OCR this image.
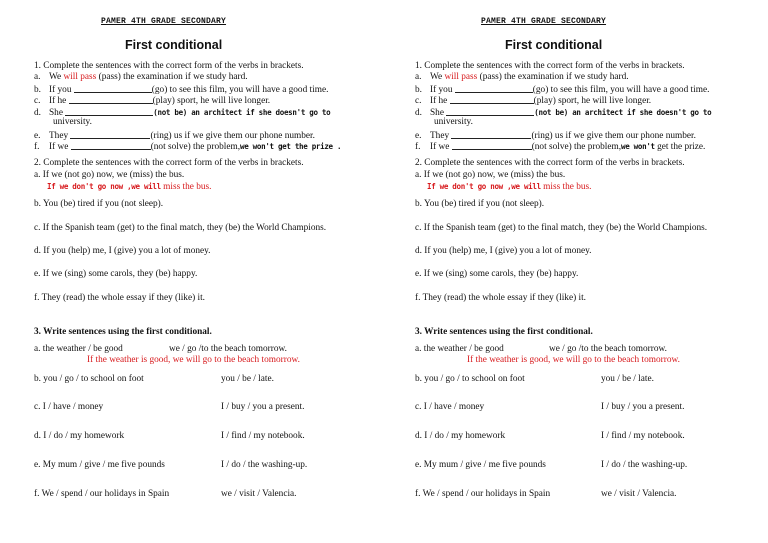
PAMER 4TH GRADE SECONDARY
First conditional
1. Complete the sentences with the correct form of the verbs in brackets.
a. We will pass (pass) the examination if we study hard.
b. If you	(go) to see this film, you will have a good time.
c. If he	(play) sport, he will live longer.
d. She	(not be) an architect if she doesn't go to
university.
e. They	(ring) us if we give them our phone number.
f. If we	(not solve) the problem,we won't get the prize .
2. Complete the sentences with the correct form of the verbs in brackets.
a. If we (not go) now, we (miss) the bus.
If we don't go now ,we will miss the bus.
b. You (be) tired if you (not sleep).
c. If the Spanish team (get) to the final match, they (be) the World Champions.
d. If you (help) me, I (give) you a lot of money.
e. If we (sing) some carols, they (be) happy.
f. They (read) the whole essay if they (like) it.
3. Write sentences using the first conditional.
a. the weather / be good	we / go /to the beach tomorrow.
If the weather is good, we will go to the beach tomorrow.
b. you / go / to school on foot	you / be / late.
c. I / have / money	I / buy / you a present.
d. I / do / my homework	I / find / my notebook.
e. My mum / give / me five pounds	I / do / the washing-up.
f. We / spend / our holidays in Spain	we / visit / Valencia.
PAMER 4TH GRADE SECONDARY
First conditional
1. Complete the sentences with the correct form of the verbs in brackets.
a. We will pass (pass) the examination if we study hard.
b. If you	(go) to see this film, you will have a good time.
c. If he	(play) sport, he will live longer.
d. She	(not be) an architect if she doesn't go to
university.
e. They	(ring) us if we give them our phone number.
f. If we	(not solve) the problem,we won't get the prize.
2. Complete the sentences with the correct form of the verbs in brackets.
a. If we (not go) now, we (miss) the bus.
If we don't go now ,we will miss the bus.
b. You (be) tired if you (not sleep).
c. If the Spanish team (get) to the final match, they (be) the World Champions.
d. If you (help) me, I (give) you a lot of money.
e. If we (sing) some carols, they (be) happy.
f. They (read) the whole essay if they (like) it.
3. Write sentences using the first conditional.
a. the weather / be good	we / go /to the beach tomorrow.
If the weather is good, we will go to the beach tomorrow.
b. you / go / to school on foot	you / be / late.
c. I / have / money	I / buy / you a present.
d. I / do / my homework	I / find / my notebook.
e. My mum / give / me five pounds	I / do / the washing-up.
f. We / spend / our holidays in Spain	we / visit / Valencia.
